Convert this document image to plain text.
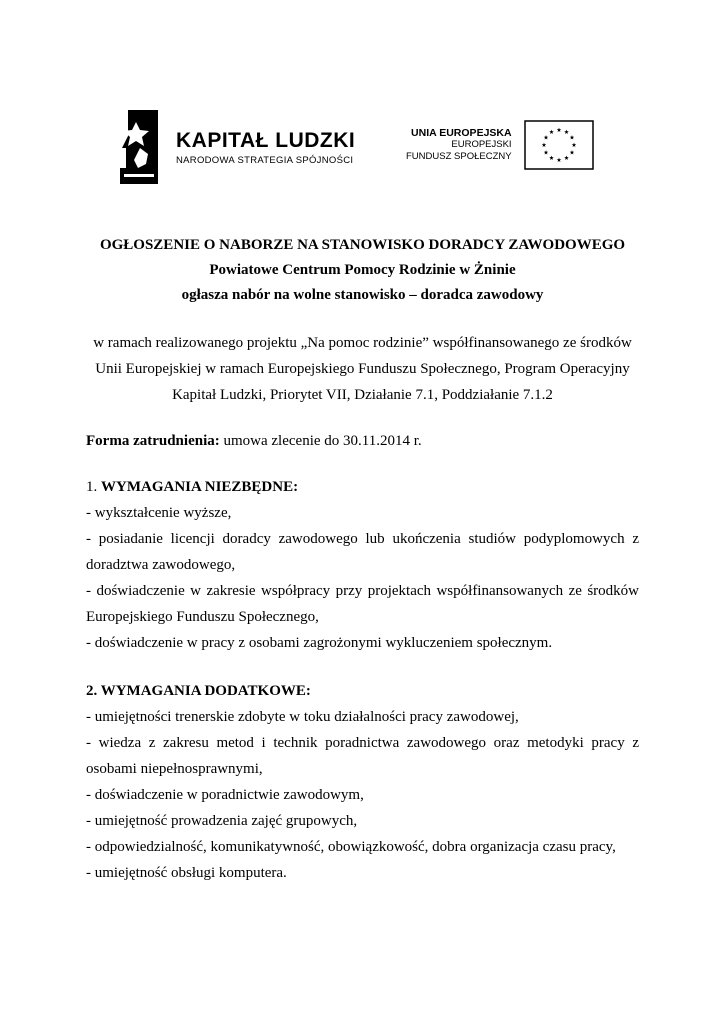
KAPITAŁ LUDZKI
NARODOWA STRATEGIA SPÓJNOŚCI
UNIA EUROPEJSKA
EUROPEJSKI
FUNDUSZ SPOŁECZNY
OGŁOSZENIE O NABORZE NA STANOWISKO DORADCY ZAWODOWEGO
Powiatowe Centrum Pomocy Rodzinie w Żninie
ogłasza nabór na wolne stanowisko – doradca zawodowy
w ramach realizowanego projektu „Na pomoc rodzinie” współfinansowanego ze środków
Unii Europejskiej w ramach Europejskiego Funduszu Społecznego, Program Operacyjny
Kapitał Ludzki, Priorytet VII, Działanie 7.1, Poddziałanie 7.1.2
Forma zatrudnienia: umowa zlecenie do 30.11.2014 r.
1. WYMAGANIA NIEZBĘDNE:
- wykształcenie wyższe,
- posiadanie licencji doradcy zawodowego lub ukończenia studiów podyplomowych z doradztwa zawodowego,
- doświadczenie w zakresie współpracy przy projektach współfinansowanych ze środków Europejskiego Funduszu Społecznego,
- doświadczenie w pracy z osobami zagrożonymi wykluczeniem społecznym.
2. WYMAGANIA DODATKOWE:
- umiejętności trenerskie zdobyte w toku działalności pracy zawodowej,
- wiedza z zakresu metod i technik poradnictwa zawodowego oraz metodyki pracy z osobami niepełnosprawnymi,
- doświadczenie w poradnictwie zawodowym,
- umiejętność prowadzenia zajęć grupowych,
- odpowiedzialność, komunikatywność, obowiązkowość, dobra organizacja czasu pracy,
- umiejętność obsługi komputera.
